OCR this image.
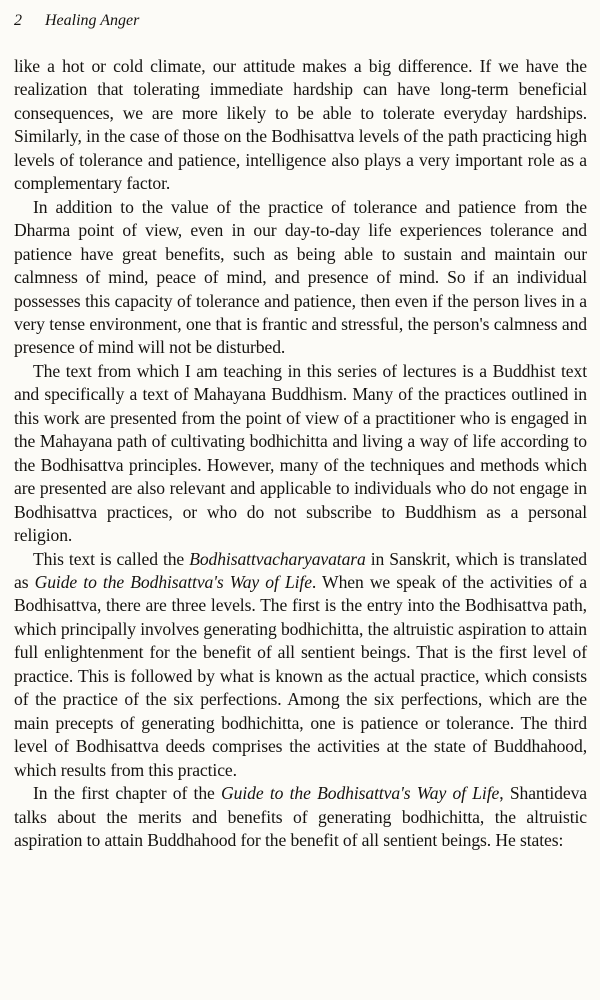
2	Healing Anger

like a hot or cold climate, our attitude makes a big difference. If we have the realization that tolerating immediate hardship can have long-term beneficial consequences, we are more likely to be able to tolerate everyday hardships. Similarly, in the case of those on the Bodhisattva levels of the path practicing high levels of tolerance and patience, intelligence also plays a very important role as a complementary factor.

In addition to the value of the practice of tolerance and patience from the Dharma point of view, even in our day-to-day life experiences tolerance and patience have great benefits, such as being able to sustain and maintain our calmness of mind, peace of mind, and presence of mind. So if an individual possesses this capacity of tolerance and patience, then even if the person lives in a very tense environment, one that is frantic and stressful, the person's calmness and presence of mind will not be disturbed.

The text from which I am teaching in this series of lectures is a Buddhist text and specifically a text of Mahayana Buddhism. Many of the practices outlined in this work are presented from the point of view of a practitioner who is engaged in the Mahayana path of cultivating bodhichitta and living a way of life according to the Bodhisattva principles. However, many of the techniques and methods which are presented are also relevant and applicable to individuals who do not engage in Bodhisattva practices, or who do not subscribe to Buddhism as a personal religion.

This text is called the Bodhisattvacharyavatara in Sanskrit, which is translated as Guide to the Bodhisattva's Way of Life. When we speak of the activities of a Bodhisattva, there are three levels. The first is the entry into the Bodhisattva path, which principally involves generating bodhichitta, the altruistic aspiration to attain full enlightenment for the benefit of all sentient beings. That is the first level of practice. This is followed by what is known as the actual practice, which consists of the practice of the six perfections. Among the six perfections, which are the main precepts of generating bodhichitta, one is patience or tolerance. The third level of Bodhisattva deeds comprises the activities at the state of Buddhahood, which results from this practice.

In the first chapter of the Guide to the Bodhisattva's Way of Life, Shantideva talks about the merits and benefits of generating bodhichitta, the altruistic aspiration to attain Buddhahood for the benefit of all sentient beings. He states:
